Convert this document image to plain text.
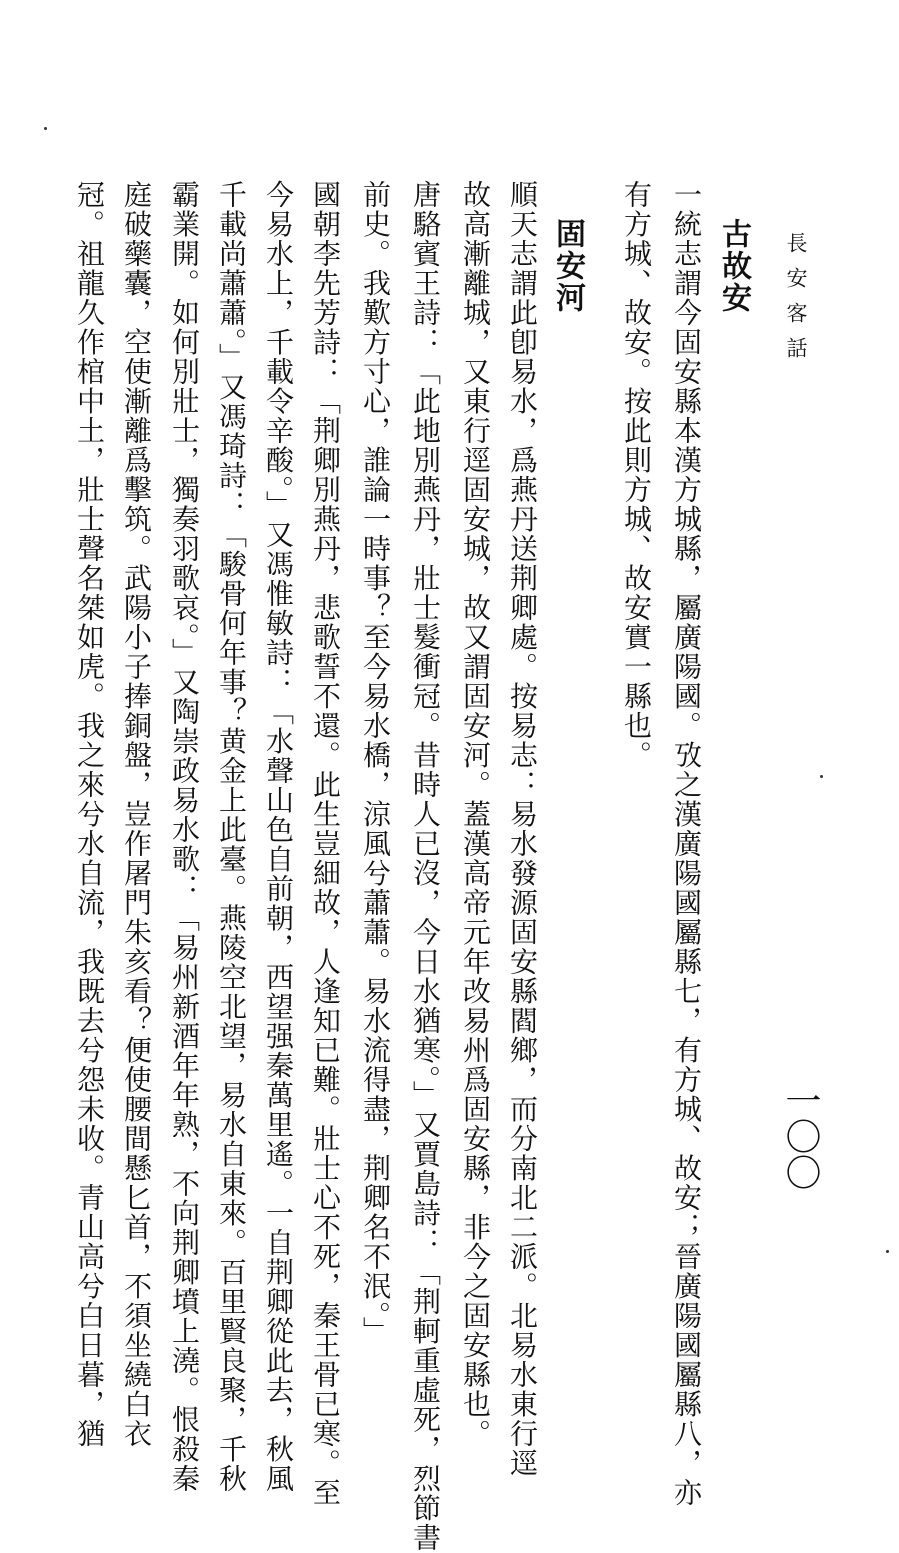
長安客話
一〇〇
古故安
一統志謂今固安縣本漢方城縣，屬廣陽國。攷之漢廣陽國屬縣七，有方城、故安；晉廣陽國屬縣八，亦
有方城、故安。按此則方城、故安實一縣也。
固安河
順天志謂此卽易水，爲燕丹送荆卿處。按易志：易水發源固安縣閻鄉，而分南北二派。北易水東行逕
故高漸離城，又東行逕固安城，故又謂固安河。蓋漢高帝元年改易州爲固安縣，非今之固安縣也。
唐駱賓王詩：「此地別燕丹，壯士髮衝冠。昔時人已沒，今日水猶寒。」又賈島詩：「荆軻重虛死，烈節書
前史。我歎方寸心，誰論一時事？至今易水橋，涼風兮蕭蕭。易水流得盡，荆卿名不泯。」
國朝李先芳詩：「荆卿別燕丹，悲歌誓不還。此生豈細故，人逢知已難。壯士心不死，秦王骨已寒。至
今易水上，千載令辛酸。」又馮惟敏詩：「水聲山色自前朝，西望强秦萬里遙。一自荆卿從此去，秋風
千載尚蕭蕭。」又馮琦詩：「駿骨何年事？黄金上此臺。燕陵空北望，易水自東來。百里賢良聚，千秋
霸業開。如何別壯士，獨奏羽歌哀。」又陶崇政易水歌：「易州新酒年年熟，不向荆卿墳上澆。恨殺秦
庭破藥囊，空使漸離爲擊筑。武陽小子捧銅盤，豈作屠門朱亥看？便使腰間懸匕首，不須坐繞白衣
冠。祖龍久作棺中土，壯士聲名桀如虎。我之來兮水自流，我既去兮怨未收。青山高兮白日暮，猶
